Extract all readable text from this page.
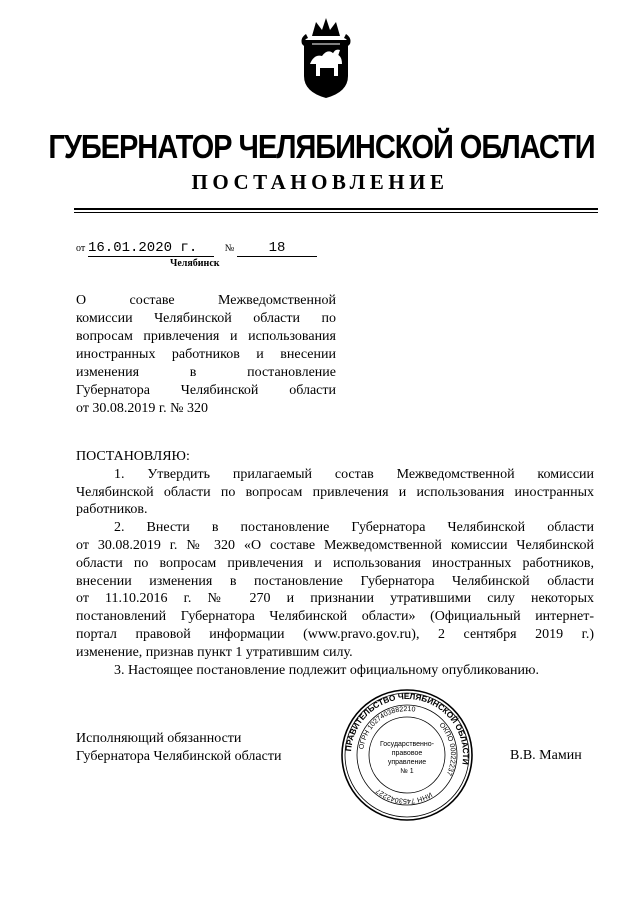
ГУБЕРНАТОР ЧЕЛЯБИНСКОЙ ОБЛАСТИ
ПОСТАНОВЛЕНИЕ
от 16.01.2020 г.	№ 18
Челябинск
О составе Межведомственной
комиссии Челябинской области по
вопросам привлечения и использования
иностранных работников и внесении
изменения в постановление
Губернатора Челябинской области
от 30.08.2019 г. № 320

ПОСТАНОВЛЯЮ:

1. Утвердить прилагаемый состав Межведомственной комиссии
Челябинской области по вопросам привлечения и использования иностранных
работников.

2. Внести в постановление Губернатора Челябинской области
от 30.08.2019 г. № 320 «О составе Межведомственной комиссии Челябинской
области по вопросам привлечения и использования иностранных работников,
внесении изменения в постановление Губернатора Челябинской области
от 11.10.2016 г. № 270 и признании утратившими силу некоторых
постановлений Губернатора Челябинской области» (Официальный интернет-
портал правовой информации (www.pravo.gov.ru), 2 сентября 2019 г.)
изменение, признав пункт 1 утратившим силу.

3. Настоящее постановление подлежит официальному опубликованию.

Исполняющий обязанности
Губернатора Челябинской области	В.В. Мамин
ПРАВИТЕЛЬСТВО ЧЕЛЯБИНСКОЙ ОБЛАСТИ
ОГРН 1027403882210
ОКПО 00022237
ИНН 7453042227
Государственно-
правовое
управление
№ 1
